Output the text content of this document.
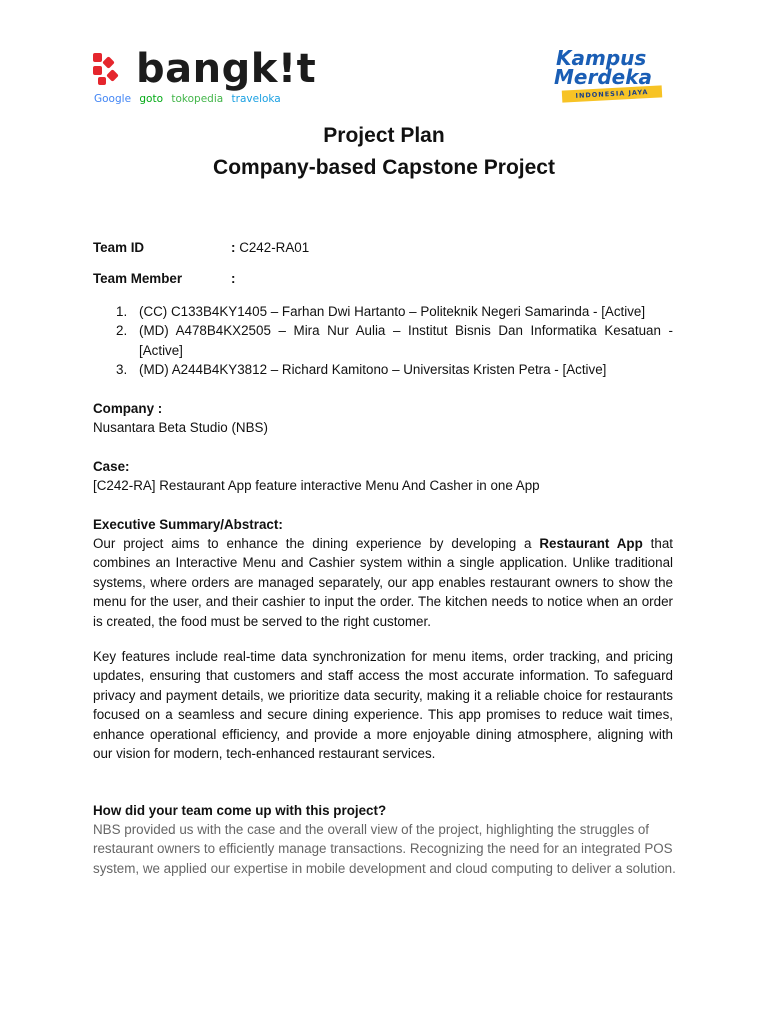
bangk!t
Google goto tokopedia traveloka
Kampus
Merdeka
INDONESIA JAYA
Project Plan
Company-based Capstone Project
Team ID	: C242-RA01
Team Member	:
1. (CC) C133B4KY1405 – Farhan Dwi Hartanto – Politeknik Negeri Samarinda - [Active]
2. (MD) A478B4KX2505 – Mira Nur Aulia – Institut Bisnis Dan Informatika Kesatuan - [Active]
3. (MD) A244B4KY3812 – Richard Kamitono – Universitas Kristen Petra - [Active]
Company :
Nusantara Beta Studio (NBS)
Case:
[C242-RA] Restaurant App feature interactive Menu And Casher in one App
Executive Summary/Abstract:
Our project aims to enhance the dining experience by developing a Restaurant App that combines an Interactive Menu and Cashier system within a single application. Unlike traditional systems, where orders are managed separately, our app enables restaurant owners to show the menu for the user, and their cashier to input the order. The kitchen needs to notice when an order is created, the food must be served to the right customer.
Key features include real-time data synchronization for menu items, order tracking, and pricing updates, ensuring that customers and staff access the most accurate information. To safeguard privacy and payment details, we prioritize data security, making it a reliable choice for restaurants focused on a seamless and secure dining experience. This app promises to reduce wait times, enhance operational efficiency, and provide a more enjoyable dining atmosphere, aligning with our vision for modern, tech-enhanced restaurant services.
How did your team come up with this project?
NBS provided us with the case and the overall view of the project, highlighting the struggles of restaurant owners to efficiently manage transactions. Recognizing the need for an integrated POS system, we applied our expertise in mobile development and cloud computing to deliver a solution.
